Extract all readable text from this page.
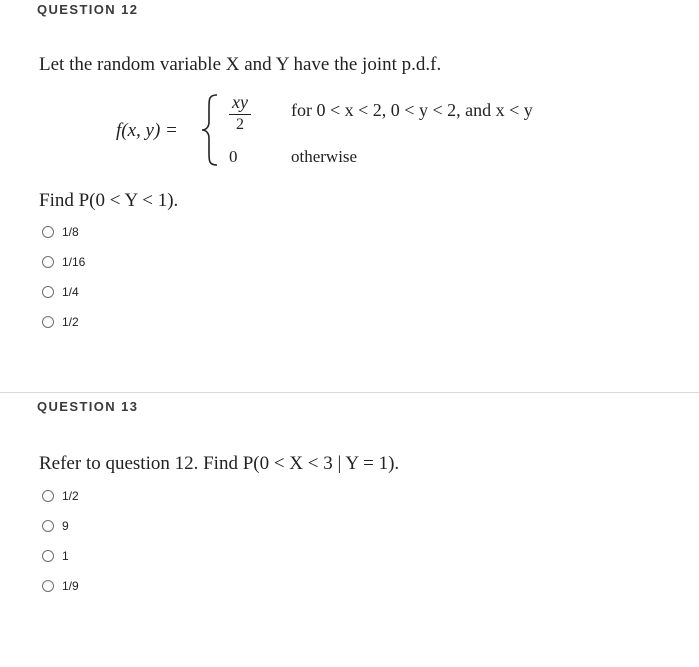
QUESTION 12
Let the random variable X and Y have the joint p.d.f.
f(x, y) =
xy
2
0
for 0 < x < 2, 0 < y < 2, and x < y
otherwise
Find P(0 < Y < 1).
1/8
1/16
1/4
1/2
QUESTION 13
Refer to question 12. Find P(0 < X < 3 | Y = 1).
1/2
9
1
1/9
